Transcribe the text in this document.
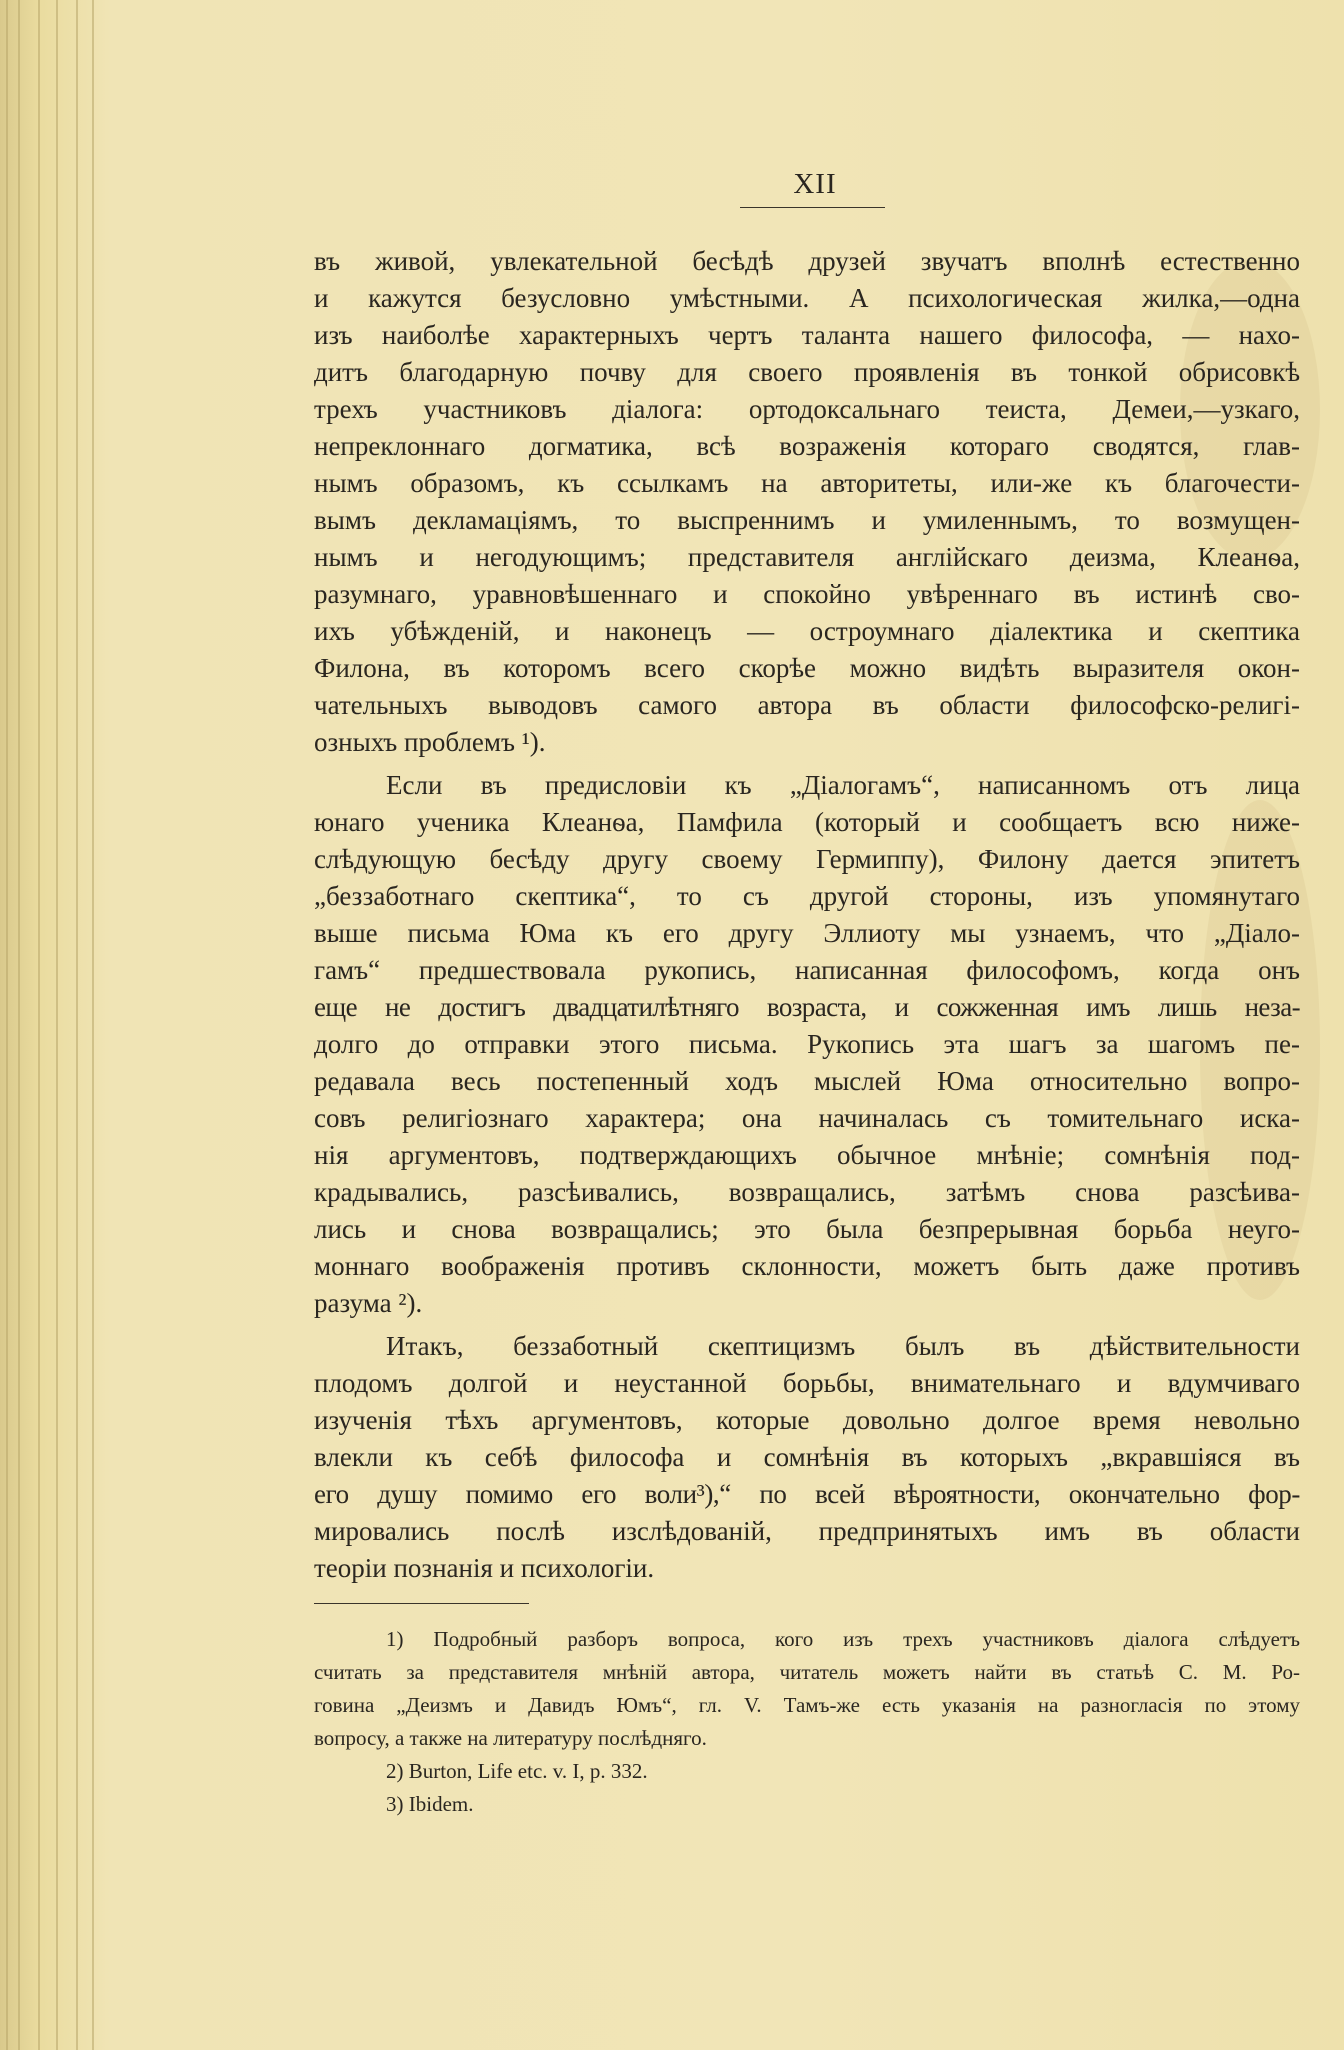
XII
въ живой, увлекательной бесѣдѣ друзей звучатъ вполнѣ естественно
и кажутся безусловно умѣстными. А психологическая жилка,—одна
изъ наиболѣе характерныхъ чертъ таланта нашего философа, — нахо-
дитъ благодарную почву для своего проявленія въ тонкой обрисовкѣ
трехъ участниковъ діалога: ортодоксальнаго теиста, Демеи,—узкаго,
непреклоннаго догматика, всѣ возраженія котораго сводятся, глав-
нымъ образомъ, къ ссылкамъ на авторитеты, или-же къ благочести-
вымъ декламаціямъ, то выспреннимъ и умиленнымъ, то возмущен-
нымъ и негодующимъ; представителя англійскаго деизма, Клеанѳа,
разумнаго, уравновѣшеннаго и спокойно увѣреннаго въ истинѣ сво-
ихъ убѣжденій, и наконецъ — остроумнаго діалектика и скептика
Филона, въ которомъ всего скорѣе можно видѣть выразителя окон-
чательныхъ выводовъ самого автора въ области философско-религі-
озныхъ проблемъ ¹).
Если въ предисловіи къ „Діалогамъ“, написанномъ отъ лица
юнаго ученика Клеанѳа, Памфила (который и сообщаетъ всю ниже-
слѣдующую бесѣду другу своему Гермиппу), Филону дается эпитетъ
„беззаботнаго скептика“, то съ другой стороны, изъ упомянутаго
выше письма Юма къ его другу Эллиоту мы узнаемъ, что „Діало-
гамъ“ предшествовала рукопись, написанная философомъ, когда онъ
еще не достигъ двадцатилѣтняго возраста, и сожженная имъ лишь неза-
долго до отправки этого письма. Рукопись эта шагъ за шагомъ пе-
редавала весь постепенный ходъ мыслей Юма относительно вопро-
совъ религіознаго характера; она начиналась съ томительнаго иска-
нія аргументовъ, подтверждающихъ обычное мнѣніе; сомнѣнія под-
крадывались, разсѣивались, возвращались, затѣмъ снова разсѣива-
лись и снова возвращались; это была безпрерывная борьба неуго-
моннаго воображенія противъ склонности, можетъ быть даже противъ
разума ²).
Итакъ, беззаботный скептицизмъ былъ въ дѣйствительности
плодомъ долгой и неустанной борьбы, внимательнаго и вдумчиваго
изученія тѣхъ аргументовъ, которые довольно долгое время невольно
влекли къ себѣ философа и сомнѣнія въ которыхъ „вкравшіяся въ
его душу помимо его воли³),“ по всей вѣроятности, окончательно фор-
мировались послѣ изслѣдованій, предпринятыхъ имъ въ области
теоріи познанія и психологіи.
1) Подробный разборъ вопроса, кого изъ трехъ участниковъ діалога слѣдуетъ
считать за представителя мнѣній автора, читатель можетъ найти въ статьѣ С. М. Ро-
говина „Деизмъ и Давидъ Юмъ“, гл. V. Тамъ-же есть указанія на разногласія по этому
вопросу, а также на литературу послѣдняго.
2) Burton, Life etc. v. I, p. 332.
3) Ibidem.
